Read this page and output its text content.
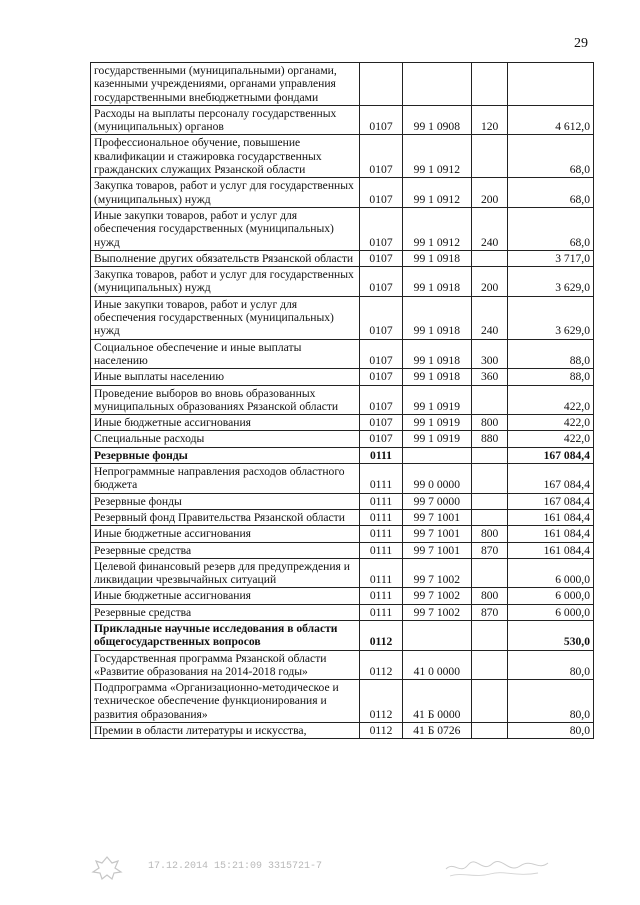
29
государственными (муниципальными) органами, казенными учреждениями, органами управления государственными внебюджетными фондами				
Расходы на выплаты персоналу государственных (муниципальных) органов	0107	99 1 0908	120	4 612,0
Профессиональное обучение, повышение квалификации и стажировка государственных гражданских служащих Рязанской области	0107	99 1 0912		68,0
Закупка товаров, работ и услуг для государственных (муниципальных) нужд	0107	99 1 0912	200	68,0
Иные закупки товаров, работ и услуг для обеспечения государственных (муниципальных) нужд	0107	99 1 0912	240	68,0
Выполнение других обязательств Рязанской области	0107	99 1 0918		3 717,0
Закупка товаров, работ и услуг для государственных (муниципальных) нужд	0107	99 1 0918	200	3 629,0
Иные закупки товаров, работ и услуг для обеспечения государственных (муниципальных) нужд	0107	99 1 0918	240	3 629,0
Социальное обеспечение и иные выплаты населению	0107	99 1 0918	300	88,0
Иные выплаты населению	0107	99 1 0918	360	88,0
Проведение выборов во вновь образованных муниципальных образованиях Рязанской области	0107	99 1 0919		422,0
Иные бюджетные ассигнования	0107	99 1 0919	800	422,0
Специальные расходы	0107	99 1 0919	880	422,0
Резервные фонды	0111			167 084,4
Непрограммные направления расходов областного бюджета	0111	99 0 0000		167 084,4
Резервные фонды	0111	99 7 0000		167 084,4
Резервный фонд Правительства Рязанской области	0111	99 7 1001		161 084,4
Иные бюджетные ассигнования	0111	99 7 1001	800	161 084,4
Резервные средства	0111	99 7 1001	870	161 084,4
Целевой финансовый резерв для предупреждения и ликвидации чрезвычайных ситуаций	0111	99 7 1002		6 000,0
Иные бюджетные ассигнования	0111	99 7 1002	800	6 000,0
Резервные средства	0111	99 7 1002	870	6 000,0
Прикладные научные исследования в области общегосударственных вопросов	0112			530,0
Государственная программа Рязанской области «Развитие образования на 2014-2018 годы»	0112	41 0 0000		80,0
Подпрограмма «Организационно-методическое и техническое обеспечение функционирования и развития образования»	0112	41 Б 0000		80,0
Премии в области литературы и искусства,	0112	41 Б 0726		80,0
17.12.2014 15:21:09 3315721-7
